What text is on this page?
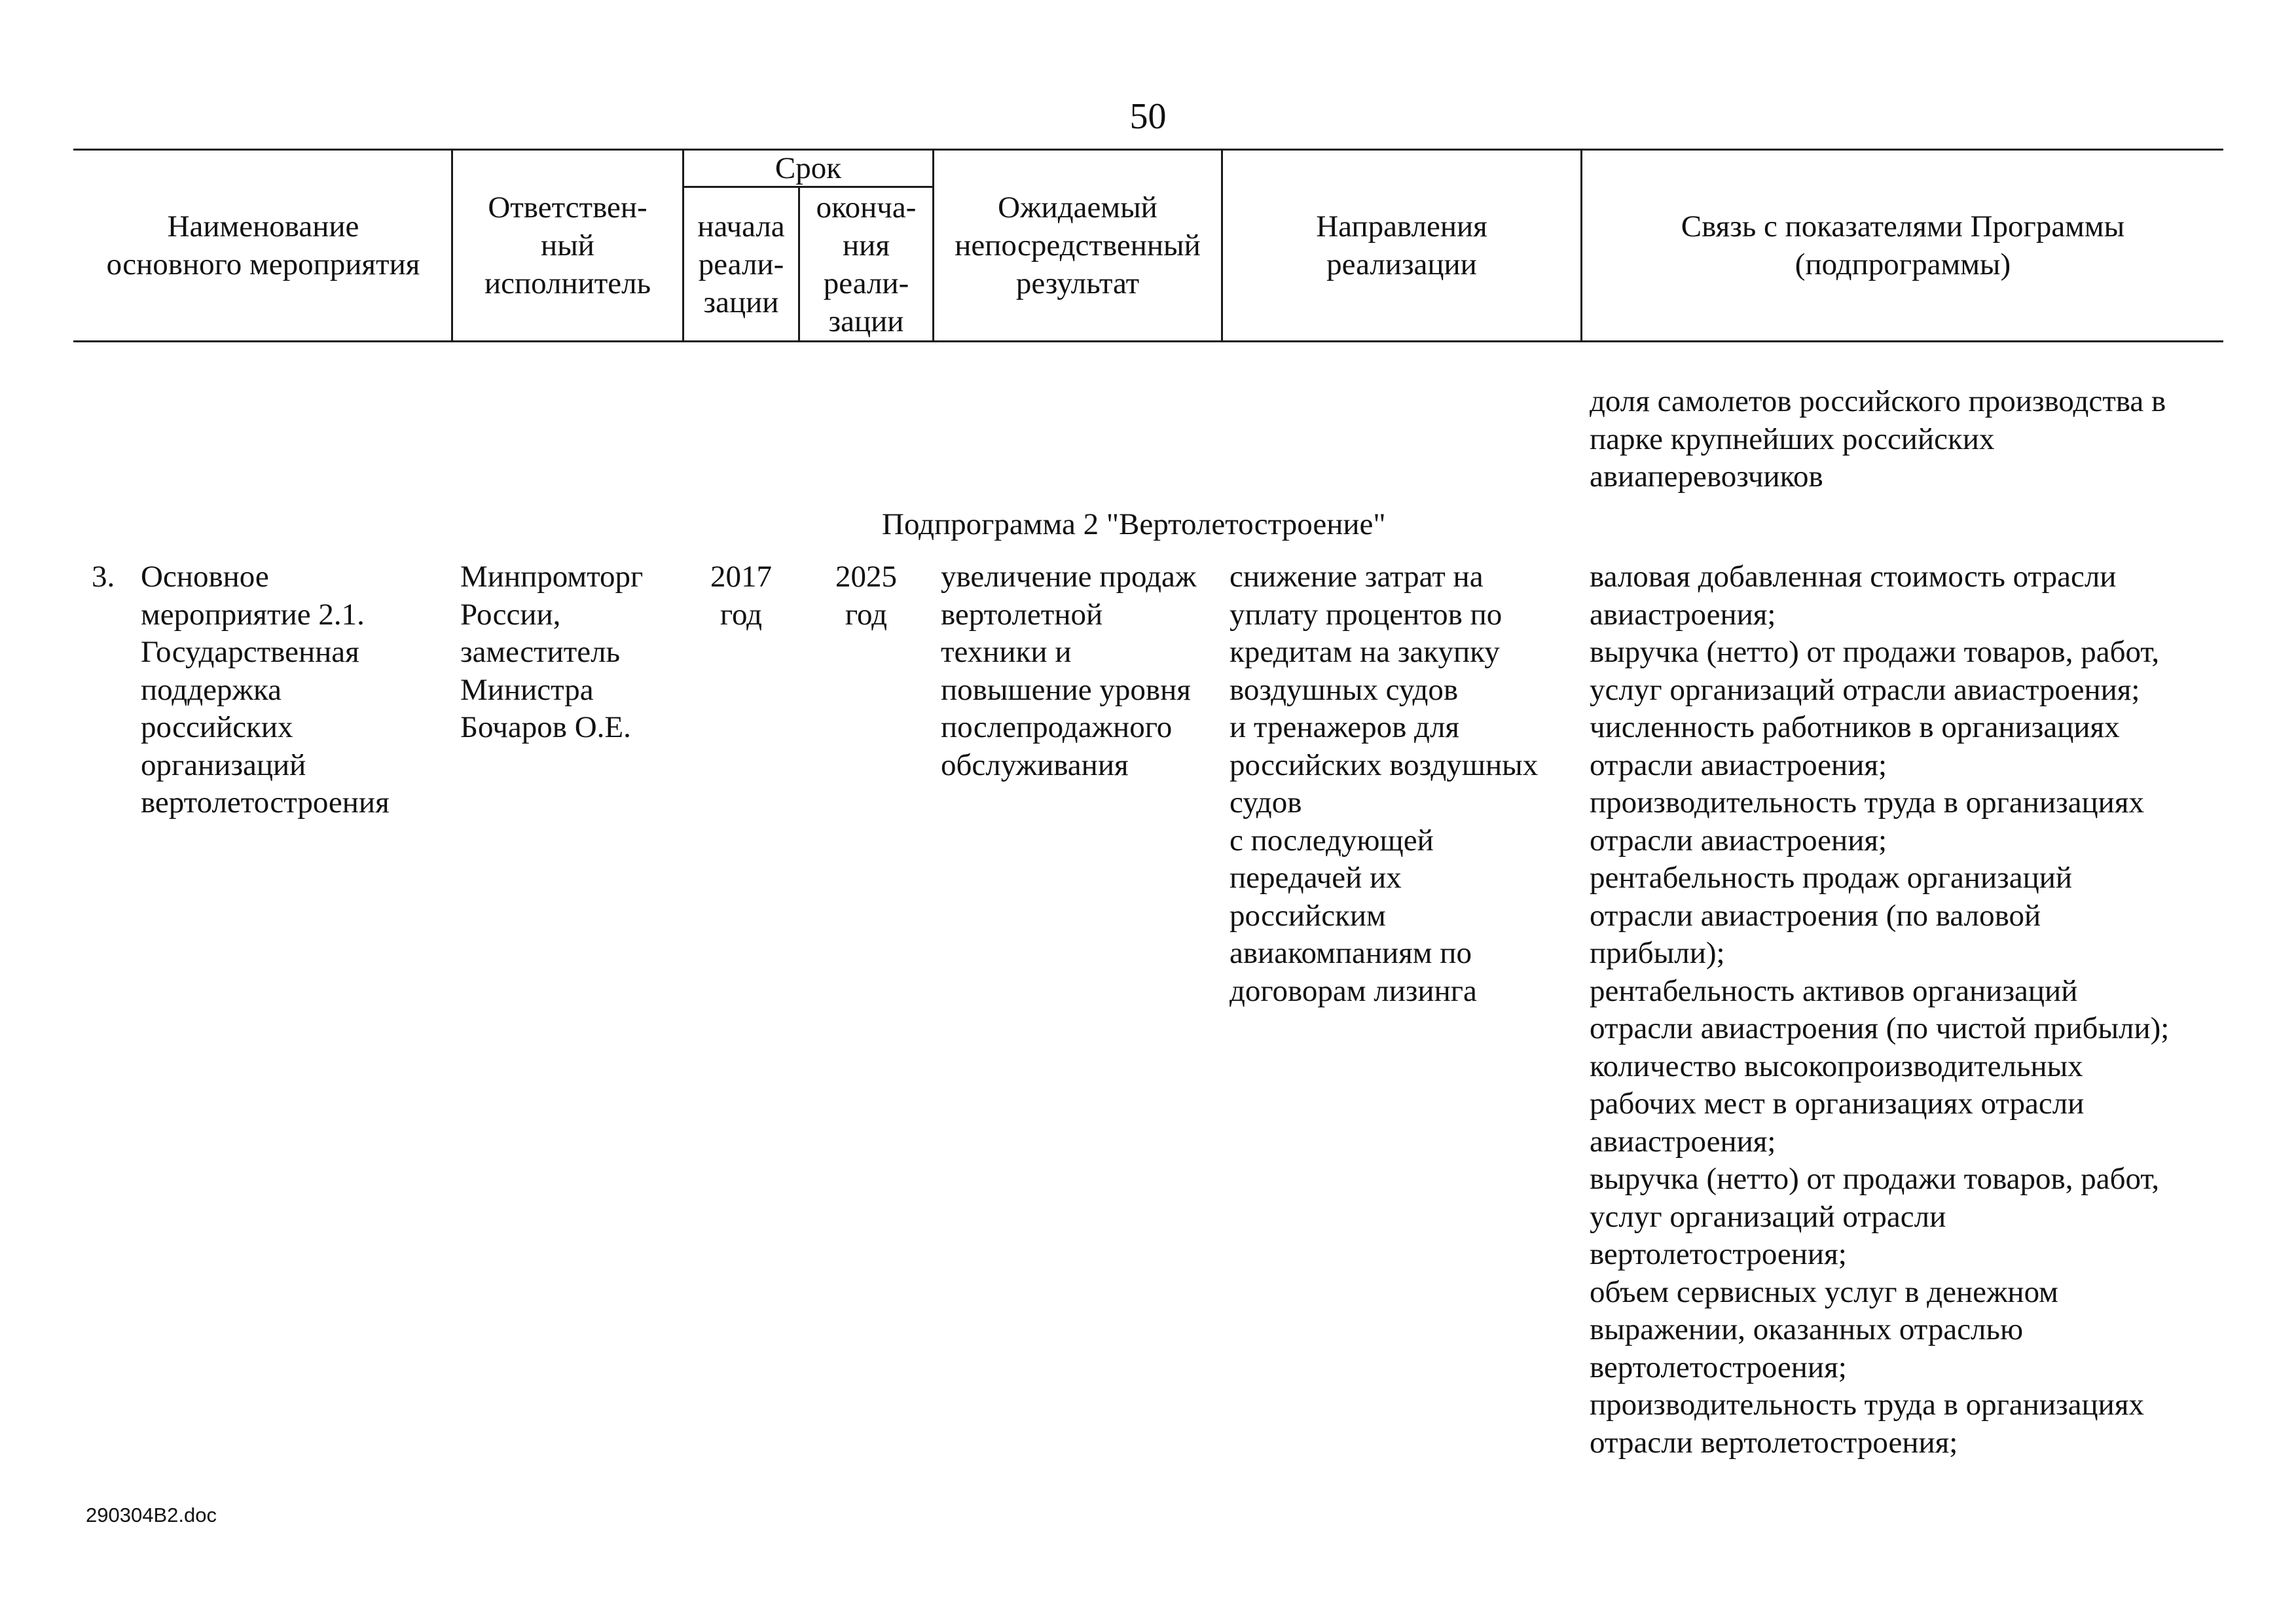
50
Наименование
основного мероприятия
Ответствен-
ный
исполнитель
Срок
начала
реали-
зации
оконча-
ния
реали-
зации
Ожидаемый
непосредственный
результат
Направления
реализации
Связь с показателями Программы
(подпрограммы)
доля самолетов российского производства в
парке крупнейших российских
авиаперевозчиков
Подпрограмма 2 "Вертолетостроение"
3. Основное
мероприятие 2.1.
Государственная
поддержка
российских
организаций
вертолетостроения
Минпромторг
России,
заместитель
Министра
Бочаров О.Е.
2017
год
2025
год
увеличение продаж
вертолетной
техники и
повышение уровня
послепродажного
обслуживания
снижение затрат на
уплату процентов по
кредитам на закупку
воздушных судов
и тренажеров для
российских воздушных
судов
с последующей
передачей их
российским
авиакомпаниям по
договорам лизинга
валовая добавленная стоимость отрасли
авиастроения;
выручка (нетто) от продажи товаров, работ,
услуг организаций отрасли авиастроения;
численность работников в организациях
отрасли авиастроения;
производительность труда в организациях
отрасли авиастроения;
рентабельность продаж организаций
отрасли авиастроения (по валовой
прибыли);
рентабельность активов организаций
отрасли авиастроения (по чистой прибыли);
количество высокопроизводительных
рабочих мест в организациях отрасли
авиастроения;
выручка (нетто) от продажи товаров, работ,
услуг организаций отрасли
вертолетостроения;
объем сервисных услуг в денежном
выражении, оказанных отраслью
вертолетостроения;
производительность труда в организациях
отрасли вертолетостроения;
290304B2.doc
